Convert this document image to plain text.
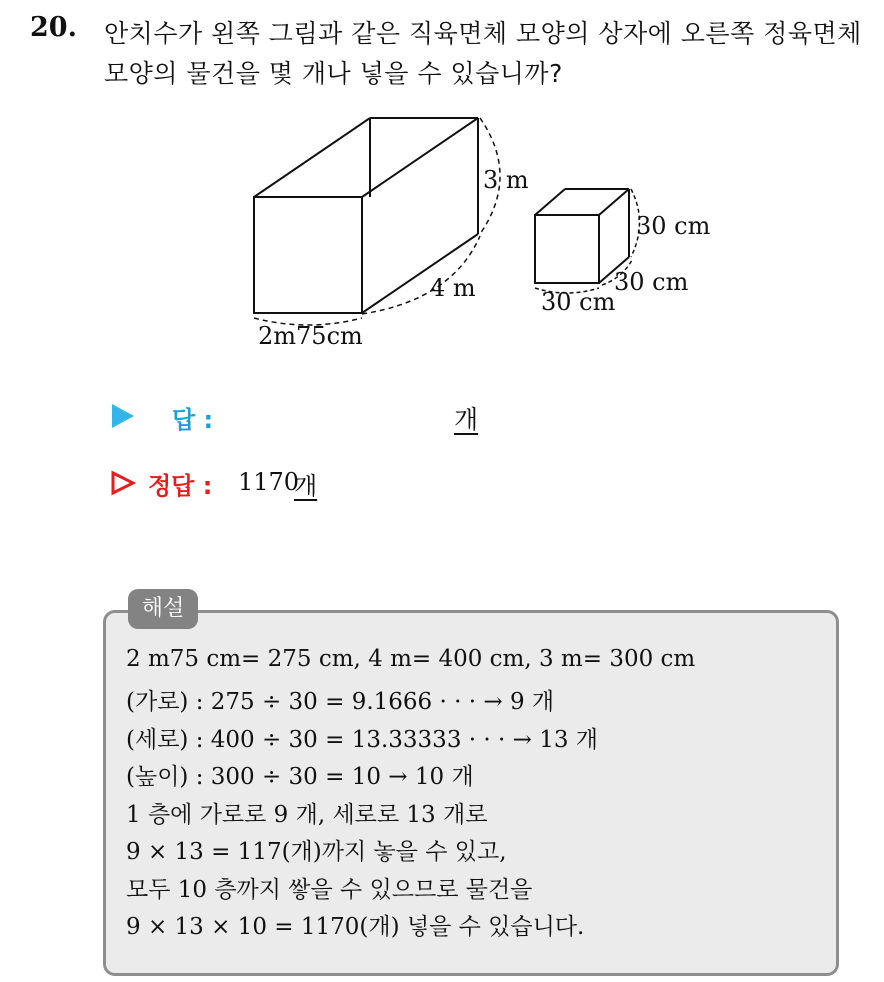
20. 안치수가 왼쪽 그림과 같은 직육면체 모양의 상자에 오른쪽 정육면체
모양의 물건을 몇 개나 넣을 수 있습니까?
3 m
4 m
2m75cm
30 cm
30 cm
30 cm
답 :	개
정답 : 1170
개
해설
2 m75 cm= 275 cm, 4 m= 400 cm, 3 m= 300 cm
(가로) : 275 ÷ 30 = 9.1666 · · · → 9 개
(세로) : 400 ÷ 30 = 13.33333 · · · → 13 개
(높이) : 300 ÷ 30 = 10 → 10 개
1 층에 가로로 9 개, 세로로 13 개로
9 × 13 = 117(개)까지 놓을 수 있고,
모두 10 층까지 쌓을 수 있으므로 물건을
9 × 13 × 10 = 1170(개) 넣을 수 있습니다.
